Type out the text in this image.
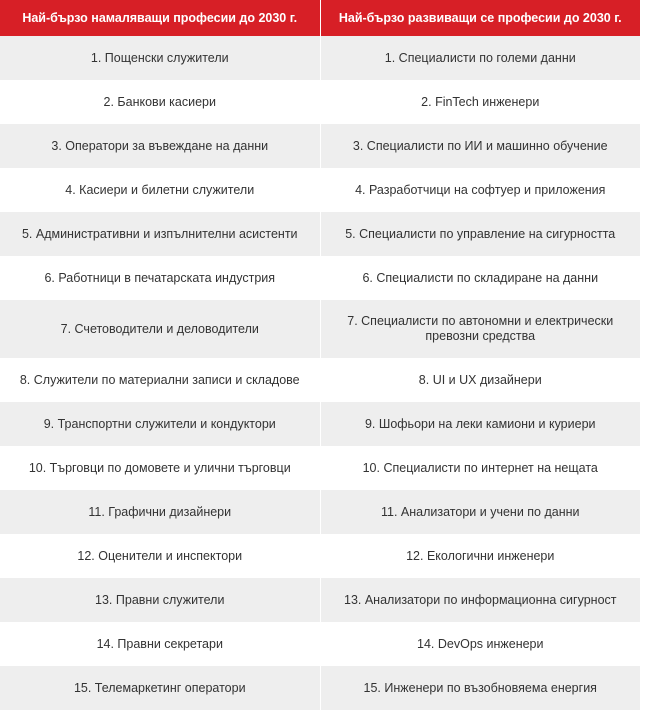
Най-бързо намаляващи професии до 2030 г.	Най-бързо развиващи се професии до 2030 г.
1. Пощенски служители	1. Специалисти по големи данни
2. Банкови касиери	2. FinTech инженери
3. Оператори за въвеждане на данни	3. Специалисти по ИИ и машинно обучение
4. Касиери и билетни служители	4. Разработчици на софтуер и приложения
5. Административни и изпълнителни асистенти	5. Специалисти по управление на сигурността
6. Работници в печатарската индустрия	6. Специалисти по складиране на данни
7. Счетоводители и деловодители	7. Специалисти по автономни и електрически превозни средства
8. Служители по материални записи и складове	8. UI и UX дизайнери
9. Транспортни служители и кондуктори	9. Шофьори на леки камиони и куриери
10. Търговци по домовете и улични търговци	10. Специалисти по интернет на нещата
11. Графични дизайнери	11. Анализатори и учени по данни
12. Оценители и инспектори	12. Екологични инженери
13. Правни служители	13. Анализатори по информационна сигурност
14. Правни секретари	14. DevOps инженери
15. Телемаркетинг оператори	15. Инженери по възобновяема енергия
